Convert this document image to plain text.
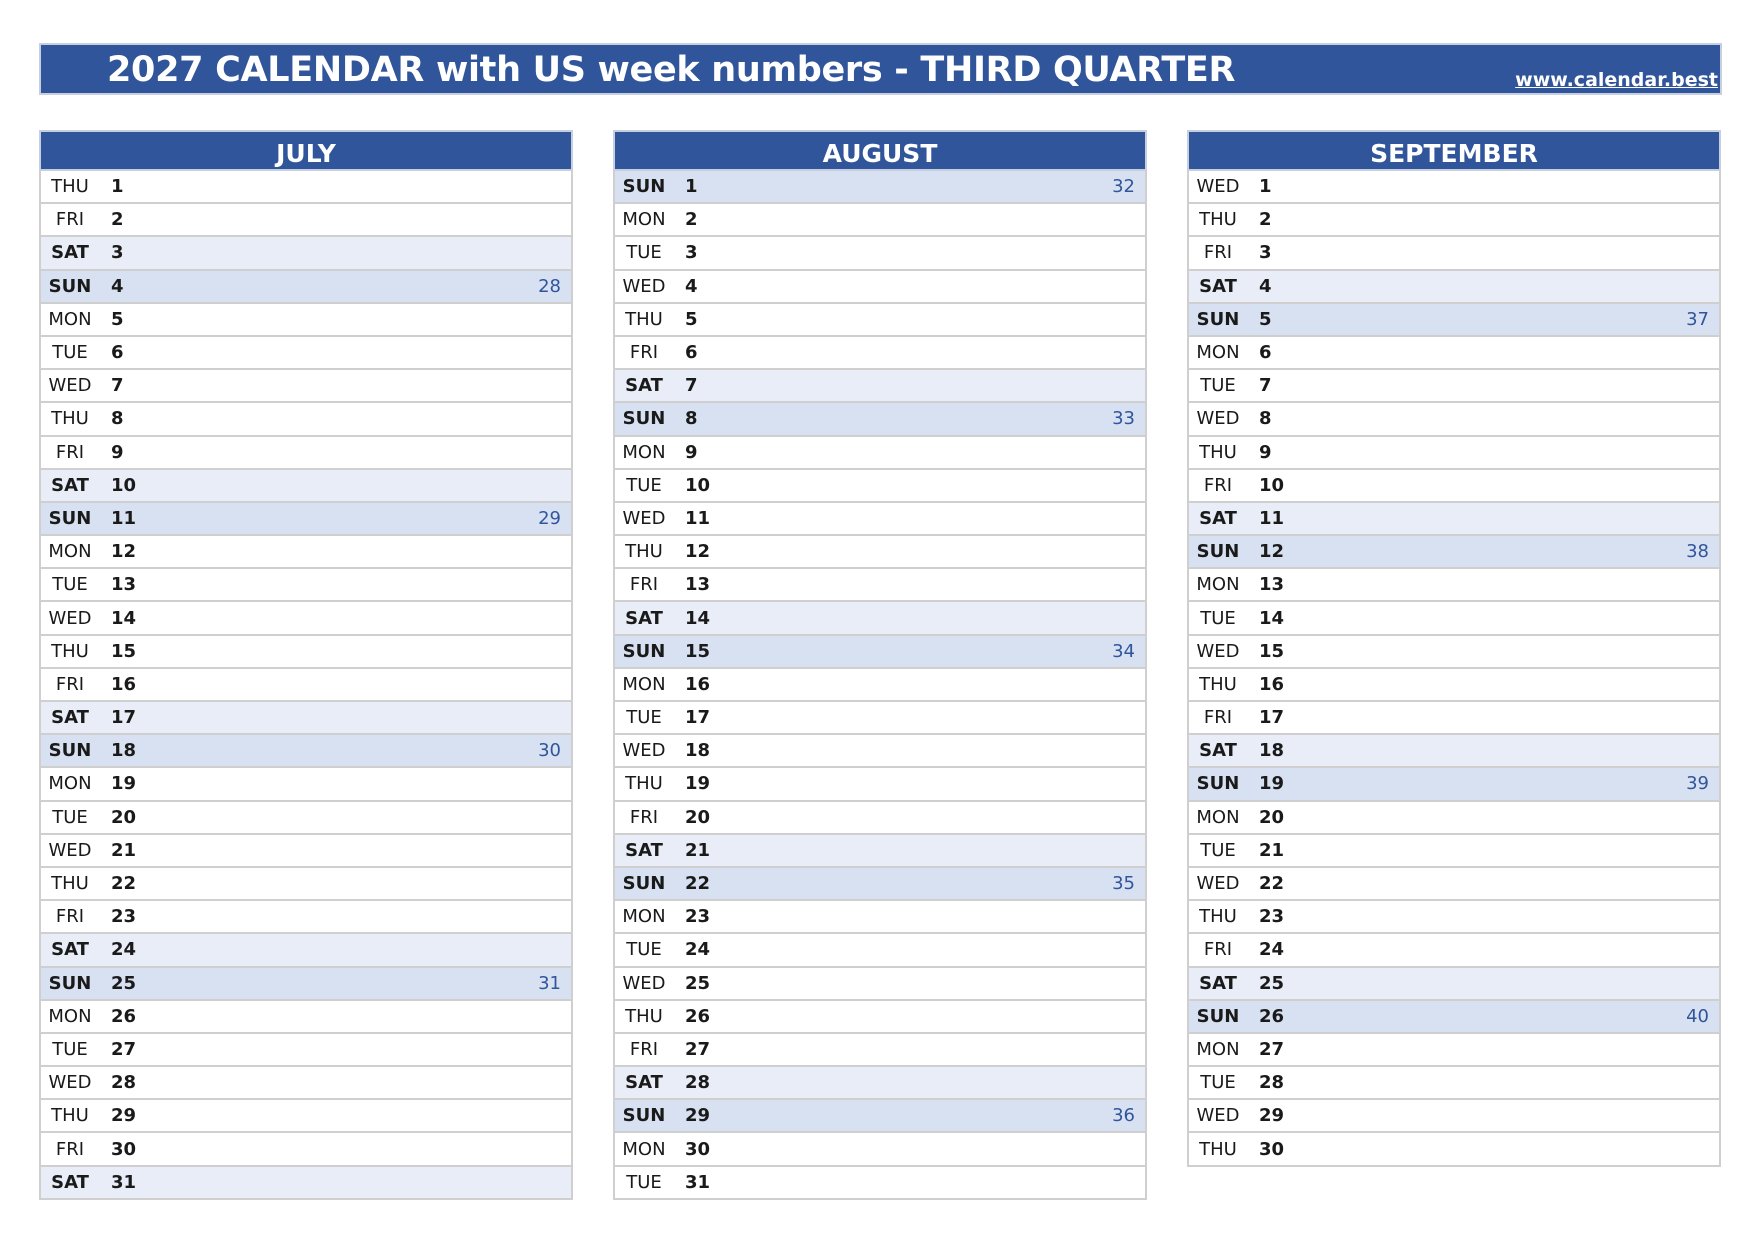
2027 CALENDAR with US week numbers - THIRD QUARTER	www.calendar.best
JULY
THU	1
FRI	2
SAT	3
SUN	4	28
MON	5
TUE	6
WED	7
THU	8
FRI	9
SAT	10
SUN	11	29
MON	12
TUE	13
WED	14
THU	15
FRI	16
SAT	17
SUN	18	30
MON	19
TUE	20
WED	21
THU	22
FRI	23
SAT	24
SUN	25	31
MON	26
TUE	27
WED	28
THU	29
FRI	30
SAT	31
AUGUST
SUN	1	32
MON	2
TUE	3
WED	4
THU	5
FRI	6
SAT	7
SUN	8	33
MON	9
TUE	10
WED	11
THU	12
FRI	13
SAT	14
SUN	15	34
MON	16
TUE	17
WED	18
THU	19
FRI	20
SAT	21
SUN	22	35
MON	23
TUE	24
WED	25
THU	26
FRI	27
SAT	28
SUN	29	36
MON	30
TUE	31
SEPTEMBER
WED	1
THU	2
FRI	3
SAT	4
SUN	5	37
MON	6
TUE	7
WED	8
THU	9
FRI	10
SAT	11
SUN	12	38
MON	13
TUE	14
WED	15
THU	16
FRI	17
SAT	18
SUN	19	39
MON	20
TUE	21
WED	22
THU	23
FRI	24
SAT	25
SUN	26	40
MON	27
TUE	28
WED	29
THU	30
